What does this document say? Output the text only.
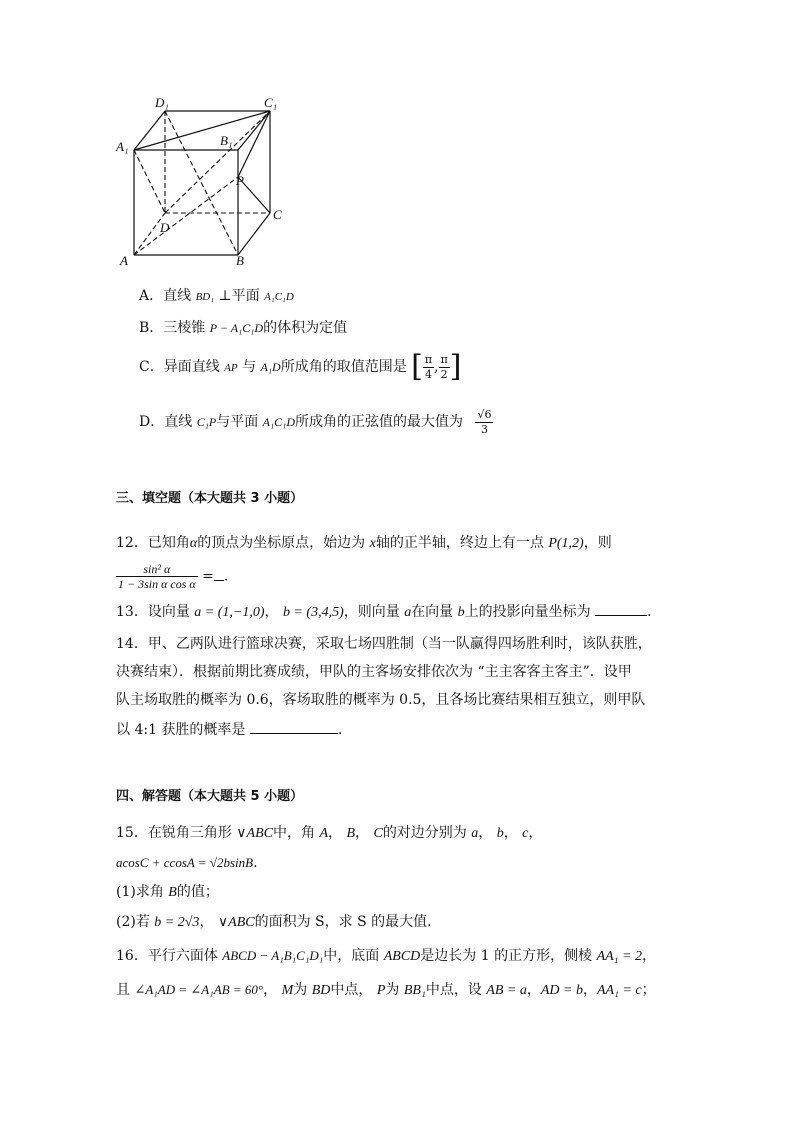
D₁	C₁
A₁	B₁
P
C
D
A	B
A．直线 BD₁ ⊥平面 A₁C₁D
B．三棱锥 P − A₁C₁D的体积为定值
C．异面直线 AP 与 A₁D所成角的取值范围是 [ $\frac{\pi}{4}$ , $\frac{\pi}{2}$ ]
D．直线 C₁P与平面 A₁C₁D所成角的正弦值的最大值为 $\frac{√6}{3}$
三、填空题（本大题共 3 小题）
12．已知角α的顶点为坐标原点，始边为 x轴的正半轴，终边上有一点 P(1,2)，则
$\frac{\text{sin² α}}{\text{1 − 3sin α cos α}}$ = .
13．设向量 a = (1,−1,0)， b = (3,4,5)，则向量 a在向量 b上的投影向量坐标为	.
14．甲、乙两队进行篮球决赛，采取七场四胜制（当一队赢得四场胜利时，该队获胜，
决赛结束）．根据前期比赛成绩，甲队的主客场安排依次为 “主主客客主客主”．设甲
队主场取胜的概率为 0.6，客场取胜的概率为 0.5，且各场比赛结果相互独立，则甲队
以 4:1 获胜的概率是	.
四、解答题（本大题共 5 小题）
15．在锐角三角形 ∨ABC中，角 A， B， C的对边分别为 a， b， c，
acosC + ccosA = √2bsinB.
(1)求角 B的值；
(2)若 b = 2√3， ∨ABC的面积为 S，求 S 的最大值．
16．平行六面体 ABCD − A₁B₁C₁D₁中，底面 ABCD是边长为 1 的正方形，侧棱 AA₁ = 2，
且 ∠A₁AD = ∠A₁AB = 60°， M为 BD中点， P为 BB₁中点，设 AB = a，AD = b，AA₁ = c；
